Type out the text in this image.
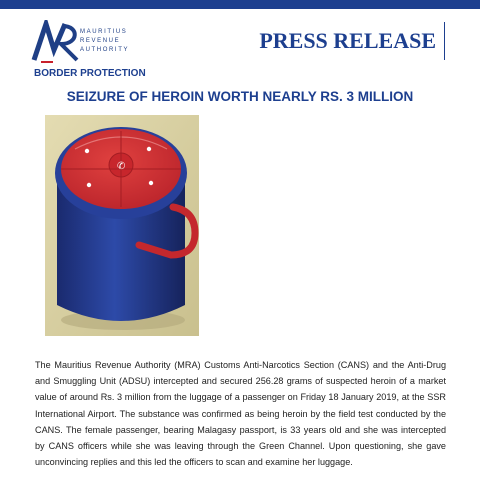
MAURITIUS
REVENUE
AUTHORITY	PRESS RELEASE
BORDER PROTECTION
SEIZURE OF HEROIN WORTH NEARLY RS. 3 MILLION
✆

The Mauritius Revenue Authority (MRA) Customs Anti-Narcotics Section (CANS) and the Anti-Drug and Smuggling Unit (ADSU) intercepted and secured 256.28 grams of suspected heroin of a market value of around Rs. 3 million from the luggage of a passenger on Friday 18 January 2019, at the SSR International Airport. The substance was confirmed as being heroin by the field test conducted by the CANS. The female passenger, bearing Malagasy passport, is 33 years old and she was intercepted by CANS officers while she was leaving through the Green Channel. Upon questioning, she gave unconvincing replies and this led the officers to scan and examine her luggage.
